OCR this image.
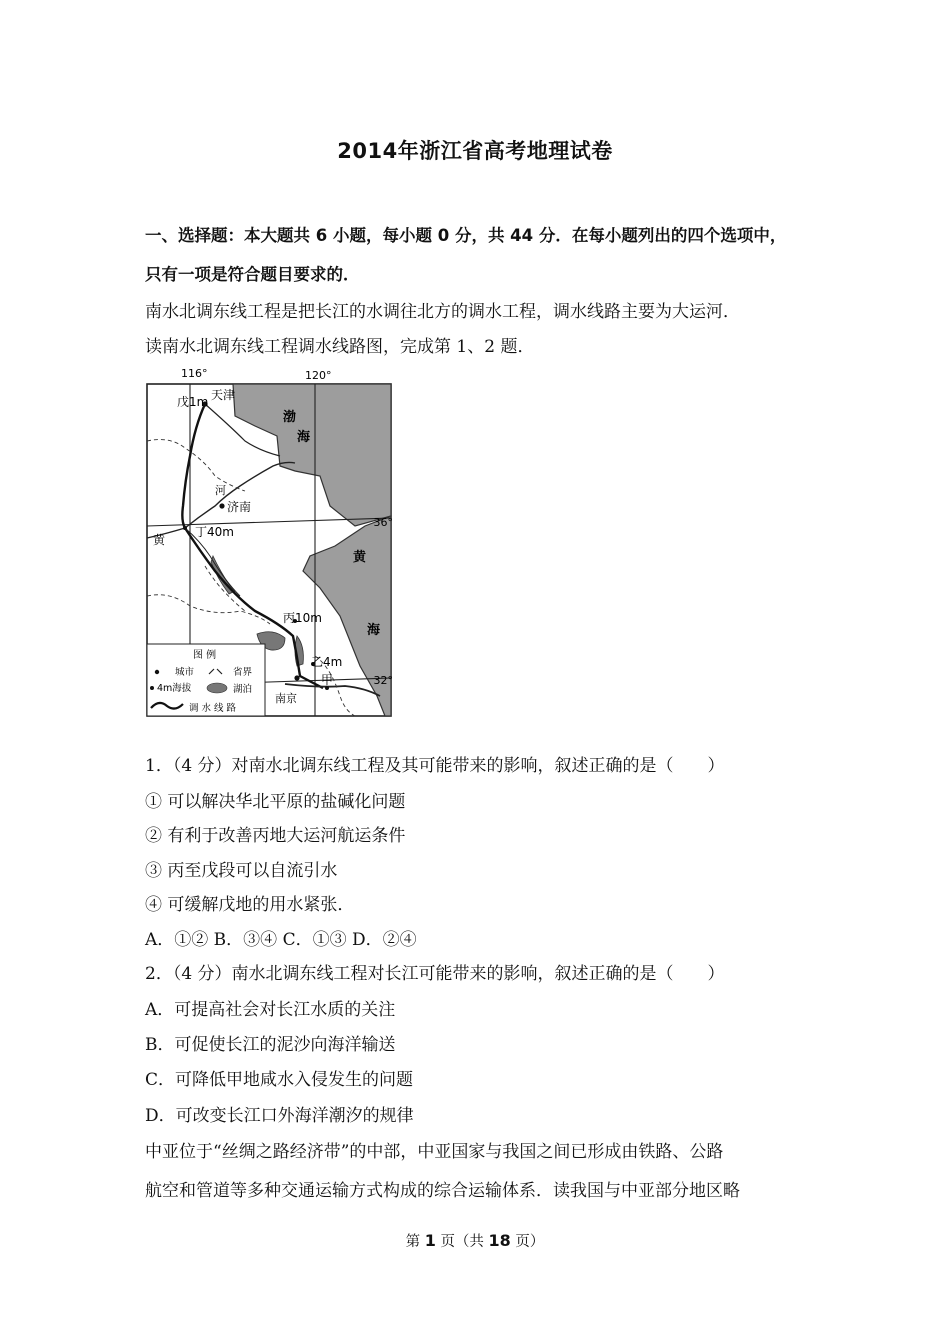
2014年浙江省高考地理试卷
一、选择题：本大题共 6 小题，每小题 0 分，共 44 分．在每小题列出的四个选项中，
只有一项是符合题目要求的．
南水北调东线工程是把长江的水调往北方的调水工程，调水线路主要为大运河．
读南水北调东线工程调水线路图，完成第 1、2 题．
116°	120°
36°
32°
天津
戊1m
渤
海
河
济南
丁40m
黄
黄
海
丙10m
乙4m
甲
南京
图 例
城市	省界
4m海拔	湖泊
调 水 线 路
1．（4 分）对南水北调东线工程及其可能带来的影响，叙述正确的是（　　）
① 可以解决华北平原的盐碱化问题
② 有利于改善丙地大运河航运条件
③ 丙至戊段可以自流引水
④ 可缓解戊地的用水紧张．
A．①② B．③④ C．①③ D．②④
2．（4 分）南水北调东线工程对长江可能带来的影响，叙述正确的是（　　）
A．可提高社会对长江水质的关注
B．可促使长江的泥沙向海洋输送
C．可降低甲地咸水入侵发生的问题
D．可改变长江口外海洋潮汐的规律
中亚位于“丝绸之路经济带”的中部，中亚国家与我国之间已形成由铁路、公路
航空和管道等多种交通运输方式构成的综合运输体系．读我国与中亚部分地区略
第 1 页（共 18 页）
